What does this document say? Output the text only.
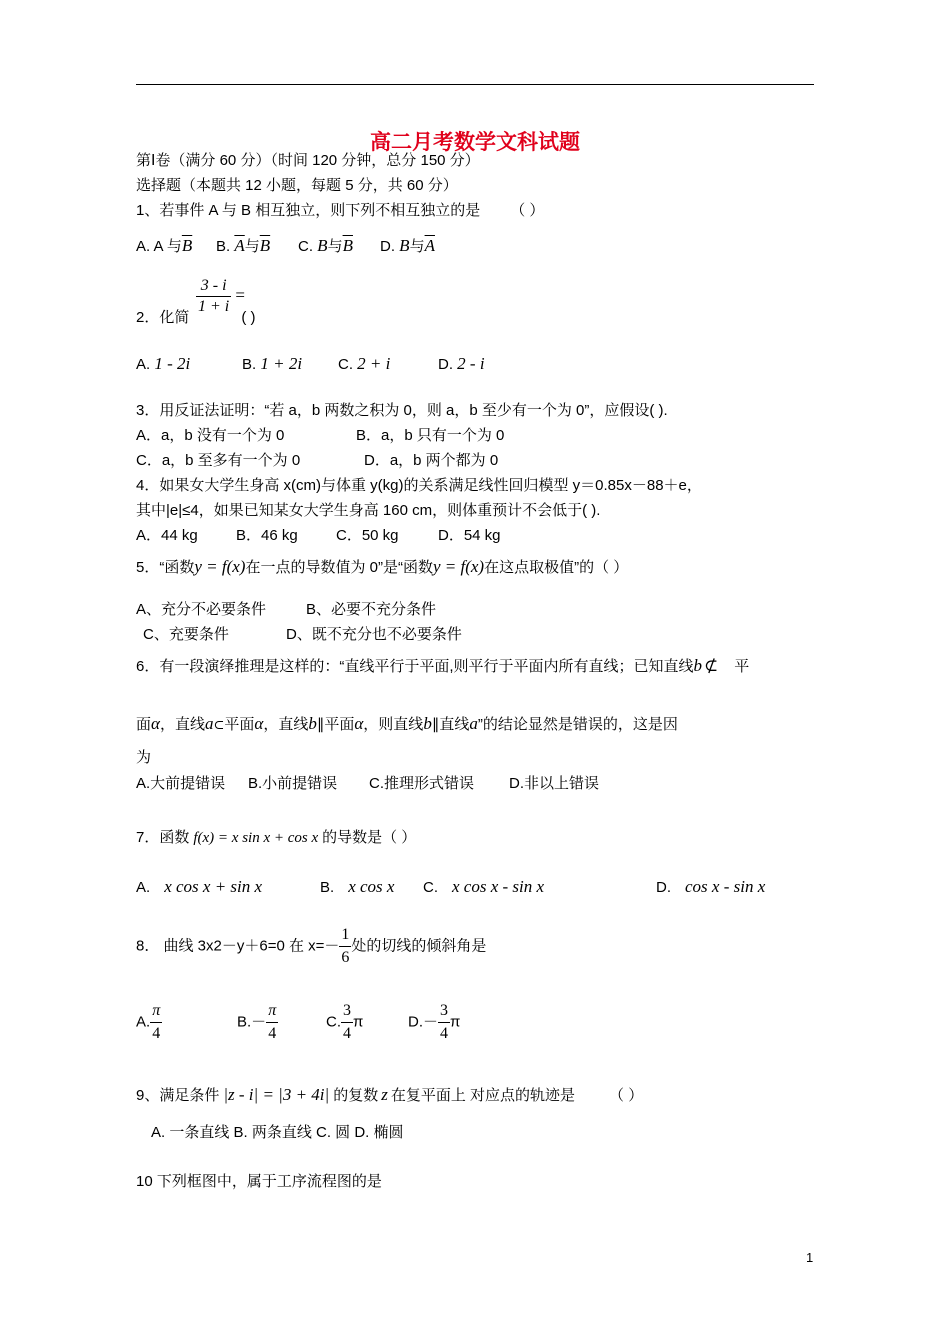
高二月考数学文科试题
第Ⅰ卷（满分 60 分）（时间 120 分钟，总分 150 分）
选择题（本题共 12 小题，每题 5 分，共 60 分）
1、若事件 A 与 B 相互独立，则下列不相互独立的是 （ ）
A. A 与$\overline{B}$ B. $\overline{A}$与$\overline{B}$ C. B与$\overline{B}$ D. B与$\overline{A}$
$\frac{3 - i}{1 + i}$ =
2．化简	( )
A. 1 - 2i	B. 1 + 2i C. 2 + i	D. 2 - i
3．用反证法证明：“若 a，b 两数之积为 0，则 a，b 至少有一个为 0”，应假设( ).
A．a，b 没有一个为 0	B．a，b 只有一个为 0
C．a，b 至多有一个为 0	D．a，b 两个都为 0
4．如果女大学生身高 x(cm)与体重 y(kg)的关系满足线性回归模型 y＝0.85x－88＋e，
其中|e|≤4，如果已知某女大学生身高 160 cm，则体重预计不会低于( ).
A．44 kg	B．46 kg	C．50 kg	D．54 kg
5．“函数y = f(x)在一点的导数值为 0”是“函数y = f(x)在这点取极值”的（ ）
A、充分不必要条件	B、必要不充分条件
C、充要条件	D、既不充分也不必要条件
6．有一段演绎推理是这样的：“直线平行于平面,则平行于平面内所有直线；已知直线b ⊄ 平
面α，直线a⊂平面α，直线b∥平面α，则直线b∥直线a”的结论显然是错误的，这是因
为
A.大前提错误 B.小前提错误 C.推理形式错误 D.非以上错误
7．函数 f(x) = x sin x + cos x 的导数是（ ）
A. x cos x + sin x	B. x cos x C. x cos x - sin x	D. cos x - sin x
8． 曲线 3x2－y＋6=0 在 $x=- \frac{1}{6}$ 处的切线的倾斜角是
A. $\frac{\pi}{4}$	$B.- \frac{\pi}{4}$	C. $\frac{3}{4}$ π	$D.- \frac{3}{4}$ π
9、满足条件 |z - i| = |3 + 4i| 的复数 z 在复平面上 对应点的轨迹是 （ ）
A. 一条直线 B. 两条直线 C. 圆 D. 椭圆
10 下列框图中，属于工序流程图的是
1
